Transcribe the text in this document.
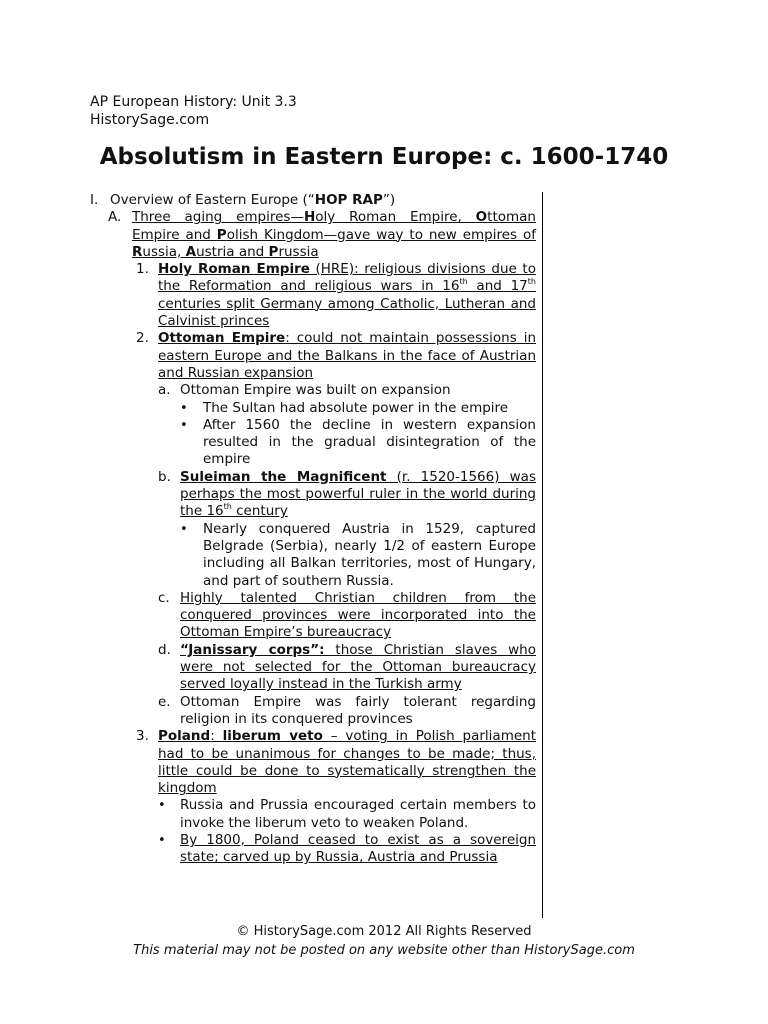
AP European History: Unit 3.3
HistorySage.com
Absolutism in Eastern Europe: c. 1600-1740
I. Overview of Eastern Europe (“HOP RAP”)
A. Three aging empires—Holy Roman Empire, Ottoman Empire and Polish Kingdom—gave way to new empires of Russia, Austria and Prussia
1. Holy Roman Empire (HRE): religious divisions due to the Reformation and religious wars in 16th and 17th centuries split Germany among Catholic, Lutheran and Calvinist princes
2. Ottoman Empire: could not maintain possessions in eastern Europe and the Balkans in the face of Austrian and Russian expansion
a. Ottoman Empire was built on expansion
•	The Sultan had absolute power in the empire
•	After 1560 the decline in western expansion resulted in the gradual disintegration of the empire
b. Suleiman the Magnificent (r. 1520-1566) was perhaps the most powerful ruler in the world during the 16th century
•	Nearly conquered Austria in 1529, captured Belgrade (Serbia), nearly 1/2 of eastern Europe including all Balkan territories, most of Hungary, and part of southern Russia.
c. Highly talented Christian children from the conquered provinces were incorporated into the Ottoman Empire’s bureaucracy
d. “Janissary corps”: those Christian slaves who were not selected for the Ottoman bureaucracy served loyally instead in the Turkish army
e. Ottoman Empire was fairly tolerant regarding religion in its conquered provinces
3. Poland: liberum veto – voting in Polish parliament had to be unanimous for changes to be made; thus, little could be done to systematically strengthen the kingdom
•	Russia and Prussia encouraged certain members to invoke the liberum veto to weaken Poland.
•	By 1800, Poland ceased to exist as a sovereign state; carved up by Russia, Austria and Prussia
© HistorySage.com 2012 All Rights Reserved
This material may not be posted on any website other than HistorySage.com
